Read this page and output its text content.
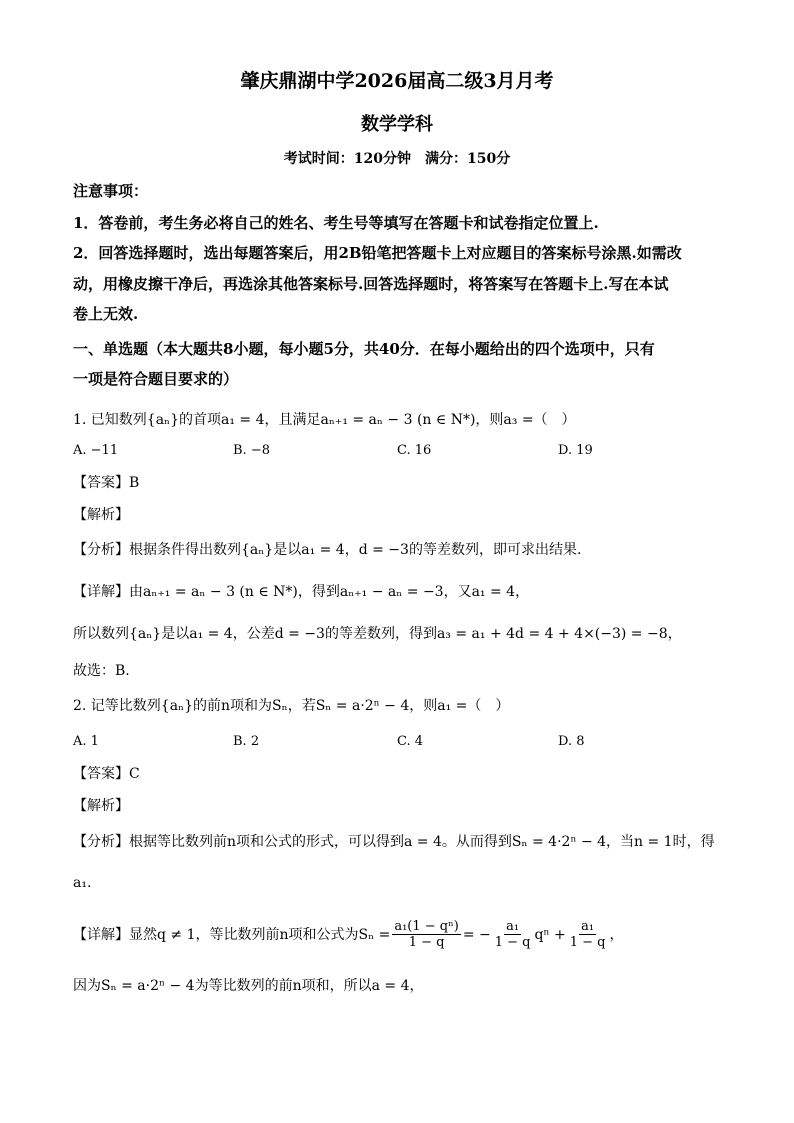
肇庆鼎湖中学2026届高二级3月月考
数学学科
考试时间：120分钟　满分：150分
注意事项：
1．答卷前，考生务必将自己的姓名、考生号等填写在答题卡和试卷指定位置上.
2．回答选择题时，选出每题答案后，用2B铅笔把答题卡上对应题目的答案标号涂黑.如需改
动，用橡皮擦干净后，再选涂其他答案标号.回答选择题时，将答案写在答题卡上.写在本试
卷上无效.
一、单选题（本大题共8小题，每小题5分，共40分．在每小题给出的四个选项中，只有
一项是符合题目要求的）
1. 已知数列{aₙ}的首项a₁ = 4，且满足aₙ₊₁ = aₙ − 3 (n ∈ N*)，则a₃ =（　）
A. −11	B. −8	C. 16	D. 19
【答案】B
【解析】
【分析】根据条件得出数列{aₙ}是以a₁ = 4，d = −3的等差数列，即可求出结果.
【详解】由aₙ₊₁ = aₙ − 3 (n ∈ N*)，得到aₙ₊₁ − aₙ = −3，又a₁ = 4，
所以数列{aₙ}是以a₁ = 4，公差d = −3的等差数列，得到a₃ = a₁ + 4d = 4 + 4×(−3) = −8，
故选：B.
2. 记等比数列{aₙ}的前n项和为Sₙ，若Sₙ = a·2ⁿ − 4，则a₁ =（　）
A. 1	B. 2	C. 4	D. 8
【答案】C
【解析】
【分析】根据等比数列前n项和公式的形式，可以得到a = 4。从而得到Sₙ = 4·2ⁿ − 4，当n = 1时，得
a₁.
【详解】显然q ≠ 1，等比数列前n项和公式为$S_n = \frac{\text{a₁(1 − qⁿ)}}{1 - q}$ = − $\frac{\text{a₁}}{1 - q}$ $q^n + \frac{\text{a₁}}{1 - q}$ ，
因为Sₙ = a·2ⁿ − 4为等比数列的前n项和，所以a = 4，
